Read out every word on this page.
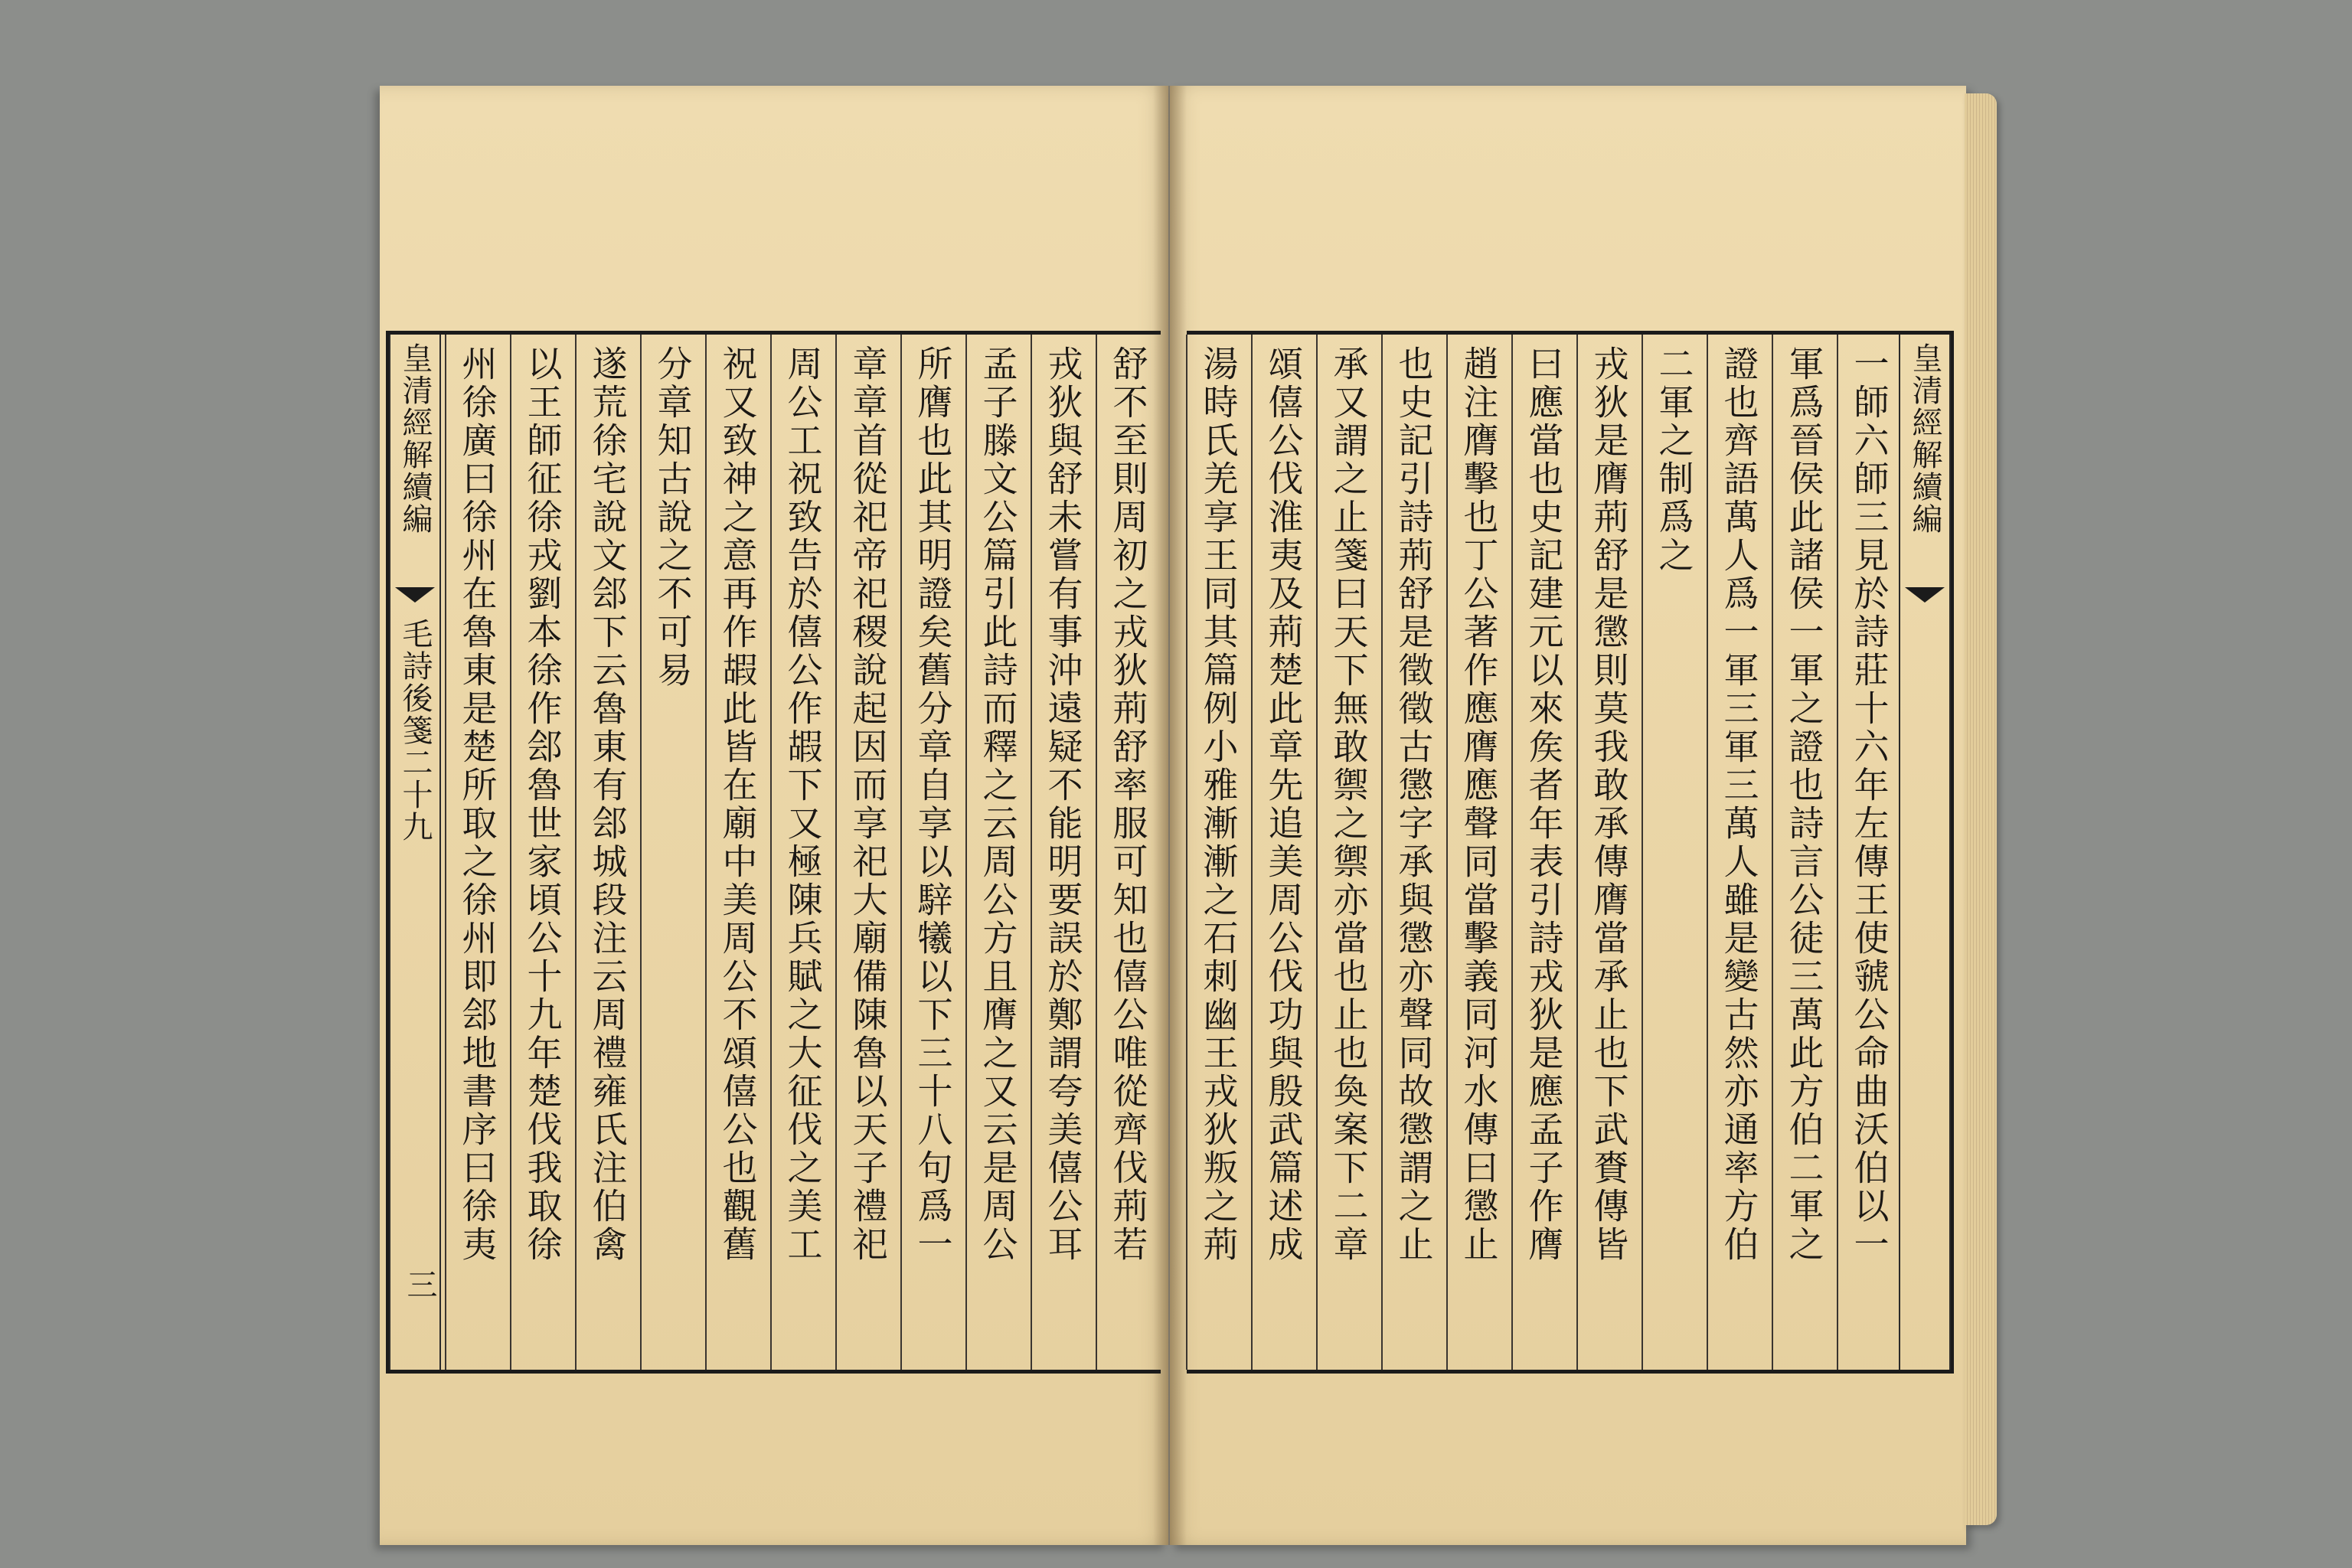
皇清經解續編
毛詩後箋二十九
三
舒不至則周初之戎狄荊舒率服可知也僖公唯從齊伐荊若
戎狄與舒未嘗有事沖遠疑不能明要誤於鄭謂夸美僖公耳
孟子滕文公篇引此詩而釋之云周公方且膺之又云是周公
所膺也此其明證矣舊分章自享以騂犧以下三十八句爲一
章章首從祀帝祀稷說起因而享祀大廟備陳魯以天子禮祀
周公工祝致告於僖公作嘏下又極陳兵賦之大征伐之美工
祝又致神之意再作嘏此皆在廟中美周公不頌僖公也觀舊
分章知古說之不可易
遂荒徐宅說文郐下云魯東有郐城段注云周禮雍氏注伯禽
以王師征徐戎劉本徐作郐魯世家頃公十九年楚伐我取徐
州徐廣曰徐州在魯東是楚所取之徐州即郐地書序曰徐夷	皇清經解續編
一師六師三見於詩莊十六年左傳王使虢公命曲沃伯以一
軍爲晉侯此諸侯一軍之證也詩言公徒三萬此方伯二軍之
證也齊語萬人爲一軍三軍三萬人雖是變古然亦通率方伯
二軍之制爲之
戎狄是膺荊舒是懲則莫我敢承傳膺當承止也下武賚傳皆
曰應當也史記建元以來矦者年表引詩戎狄是應孟子作膺
趙注膺擊也丁公著作應膺應聲同當擊義同河水傳曰懲止
也史記引詩荊舒是徵徵古懲字承與懲亦聲同故懲謂之止
承又謂之止箋曰天下無敢禦之禦亦當也止也奐案下二章
頌僖公伐淮夷及荊楚此章先追美周公伐功與殷武篇述成
湯時氏羌享王同其篇例小雅漸漸之石刺幽王戎狄叛之荊
